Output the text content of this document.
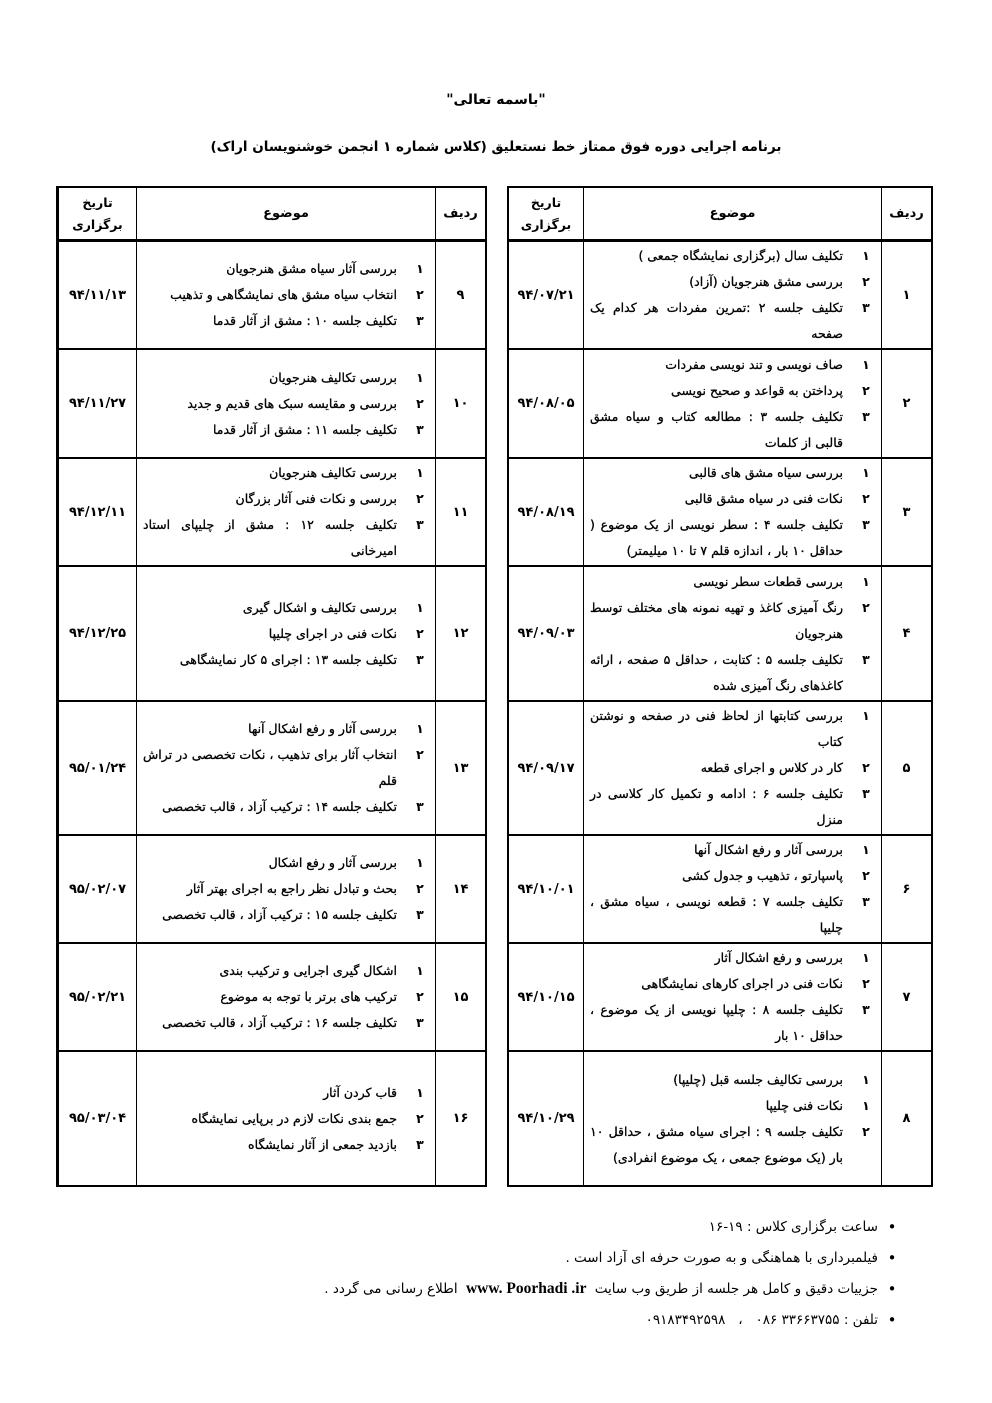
"باسمه تعالی"
برنامه اجرایی دوره فوق ممتاز خط نستعلیق (کلاس شماره ۱ انجمن خوشنویسان اراک)
ردیف
موضوع
تاریخ
برگزاری
۱
۱
تکلیف سال (برگزاری نمایشگاه جمعی )
۲
بررسی مشق هنرجویان (آزاد)
۳
تکلیف جلسه ۲ :تمرین مفردات هر کدام یک صفحه
۹۴/۰۷/۲۱
۲
۱
صاف نویسی و تند نویسی مفردات
۲
پرداختن به قواعد و صحیح نویسی
۳
تکلیف جلسه ۳ : مطالعه کتاب و سیاه مشق قالبی از کلمات
۹۴/۰۸/۰۵
۳
۱
بررسی سیاه مشق های قالبی
۲
نکات فنی در سیاه مشق قالبی
۳
تکلیف جلسه ۴ : سطر نویسی از یک موضوع ( حداقل ۱۰ بار ، اندازه قلم ۷ تا ۱۰ میلیمتر)
۹۴/۰۸/۱۹
۴
۱
بررسی قطعات سطر نویسی
۲
رنگ آمیزی کاغذ و تهیه نمونه های مختلف توسط هنرجویان
۳
تکلیف جلسه ۵ : کتابت ، حداقل ۵ صفحه ، ارائه کاغذهای رنگ آمیزی شده
۹۴/۰۹/۰۳
۵
۱
بررسی کتابتها از لحاظ فنی در صفحه و نوشتن کتاب
۲
کار در کلاس و اجرای قطعه
۳
تکلیف جلسه ۶ : ادامه و تکمیل کار کلاسی در منزل
۹۴/۰۹/۱۷
۶
۱
بررسی آثار و رفع اشکال آنها
۲
پاسپارتو ، تذهیب و جدول کشی
۳
تکلیف جلسه ۷ : قطعه نویسی ، سیاه مشق ، چلیپا
۹۴/۱۰/۰۱
۷
۱
بررسی و رفع اشکال آثار
۲
نکات فنی در اجرای کارهای نمایشگاهی
۳
تکلیف جلسه ۸ : چلیپا نویسی از یک موضوع ، حداقل ۱۰ بار
۹۴/۱۰/۱۵
۸
۱
بررسی تکالیف جلسه قبل (چلیپا)
۱
نکات فنی چلیپا
۲
تکلیف جلسه ۹ : اجرای سیاه مشق ، حداقل ۱۰ بار (یک موضوع جمعی ، یک موضوع انفرادی)
۹۴/۱۰/۲۹
ردیف
موضوع
تاریخ
برگزاری
۹
۱
بررسی آثار سیاه مشق هنرجویان
۲
انتخاب سیاه مشق های نمایشگاهی و تذهیب
۳
تکلیف جلسه ۱۰ : مشق از آثار قدما
۹۴/۱۱/۱۳
۱۰
۱
بررسی تکالیف هنرجویان
۲
بررسی و مقایسه سبک های قدیم و جدید
۳
تکلیف جلسه ۱۱ : مشق از آثار قدما
۹۴/۱۱/۲۷
۱۱
۱
بررسی تکالیف هنرجویان
۲
بررسی و نکات فنی آثار بزرگان
۳
تکلیف جلسه ۱۲ : مشق از چلیپای استاد امیرخانی
۹۴/۱۲/۱۱
۱۲
۱
بررسی تکالیف و اشکال گیری
۲
نکات فنی در اجرای چلیپا
۳
تکلیف جلسه ۱۳ : اجرای ۵ کار نمایشگاهی
۹۴/۱۲/۲۵
۱۳
۱
بررسی آثار و رفع اشکال آنها
۲
انتخاب آثار برای تذهیب ، نکات تخصصی در تراش قلم
۳
تکلیف جلسه ۱۴ : ترکیب آزاد ، قالب تخصصی
۹۵/۰۱/۲۴
۱۴
۱
بررسی آثار و رفع اشکال
۲
بحث و تبادل نظر راجع به اجرای بهتر آثار
۳
تکلیف جلسه ۱۵ : ترکیب آزاد ، قالب تخصصی
۹۵/۰۲/۰۷
۱۵
۱
اشکال گیری اجرایی و ترکیب بندی
۲
ترکیب های برتر با توجه به موضوع
۳
تکلیف جلسه ۱۶ : ترکیب آزاد ، قالب تخصصی
۹۵/۰۲/۲۱
۱۶
۱
قاب کردن آثار
۲
جمع بندی نکات لازم در برپایی نمایشگاه
۳
بازدید جمعی از آثار نمایشگاه
۹۵/۰۳/۰۴
•
ساعت برگزاری کلاس : ۱۹-۱۶
•
فیلمبرداری با هماهنگی و به صورت حرفه ای آزاد است .
•
جزییات دقیق و کامل هر جلسه از طریق وب سایت www. Poorhadi .ir اطلاع رسانی می گردد .
•
تلفن : ۳۳۶۶۳۷۵۵ ۰۸۶   ،   ۰۹۱۸۳۴۹۲۵۹۸
